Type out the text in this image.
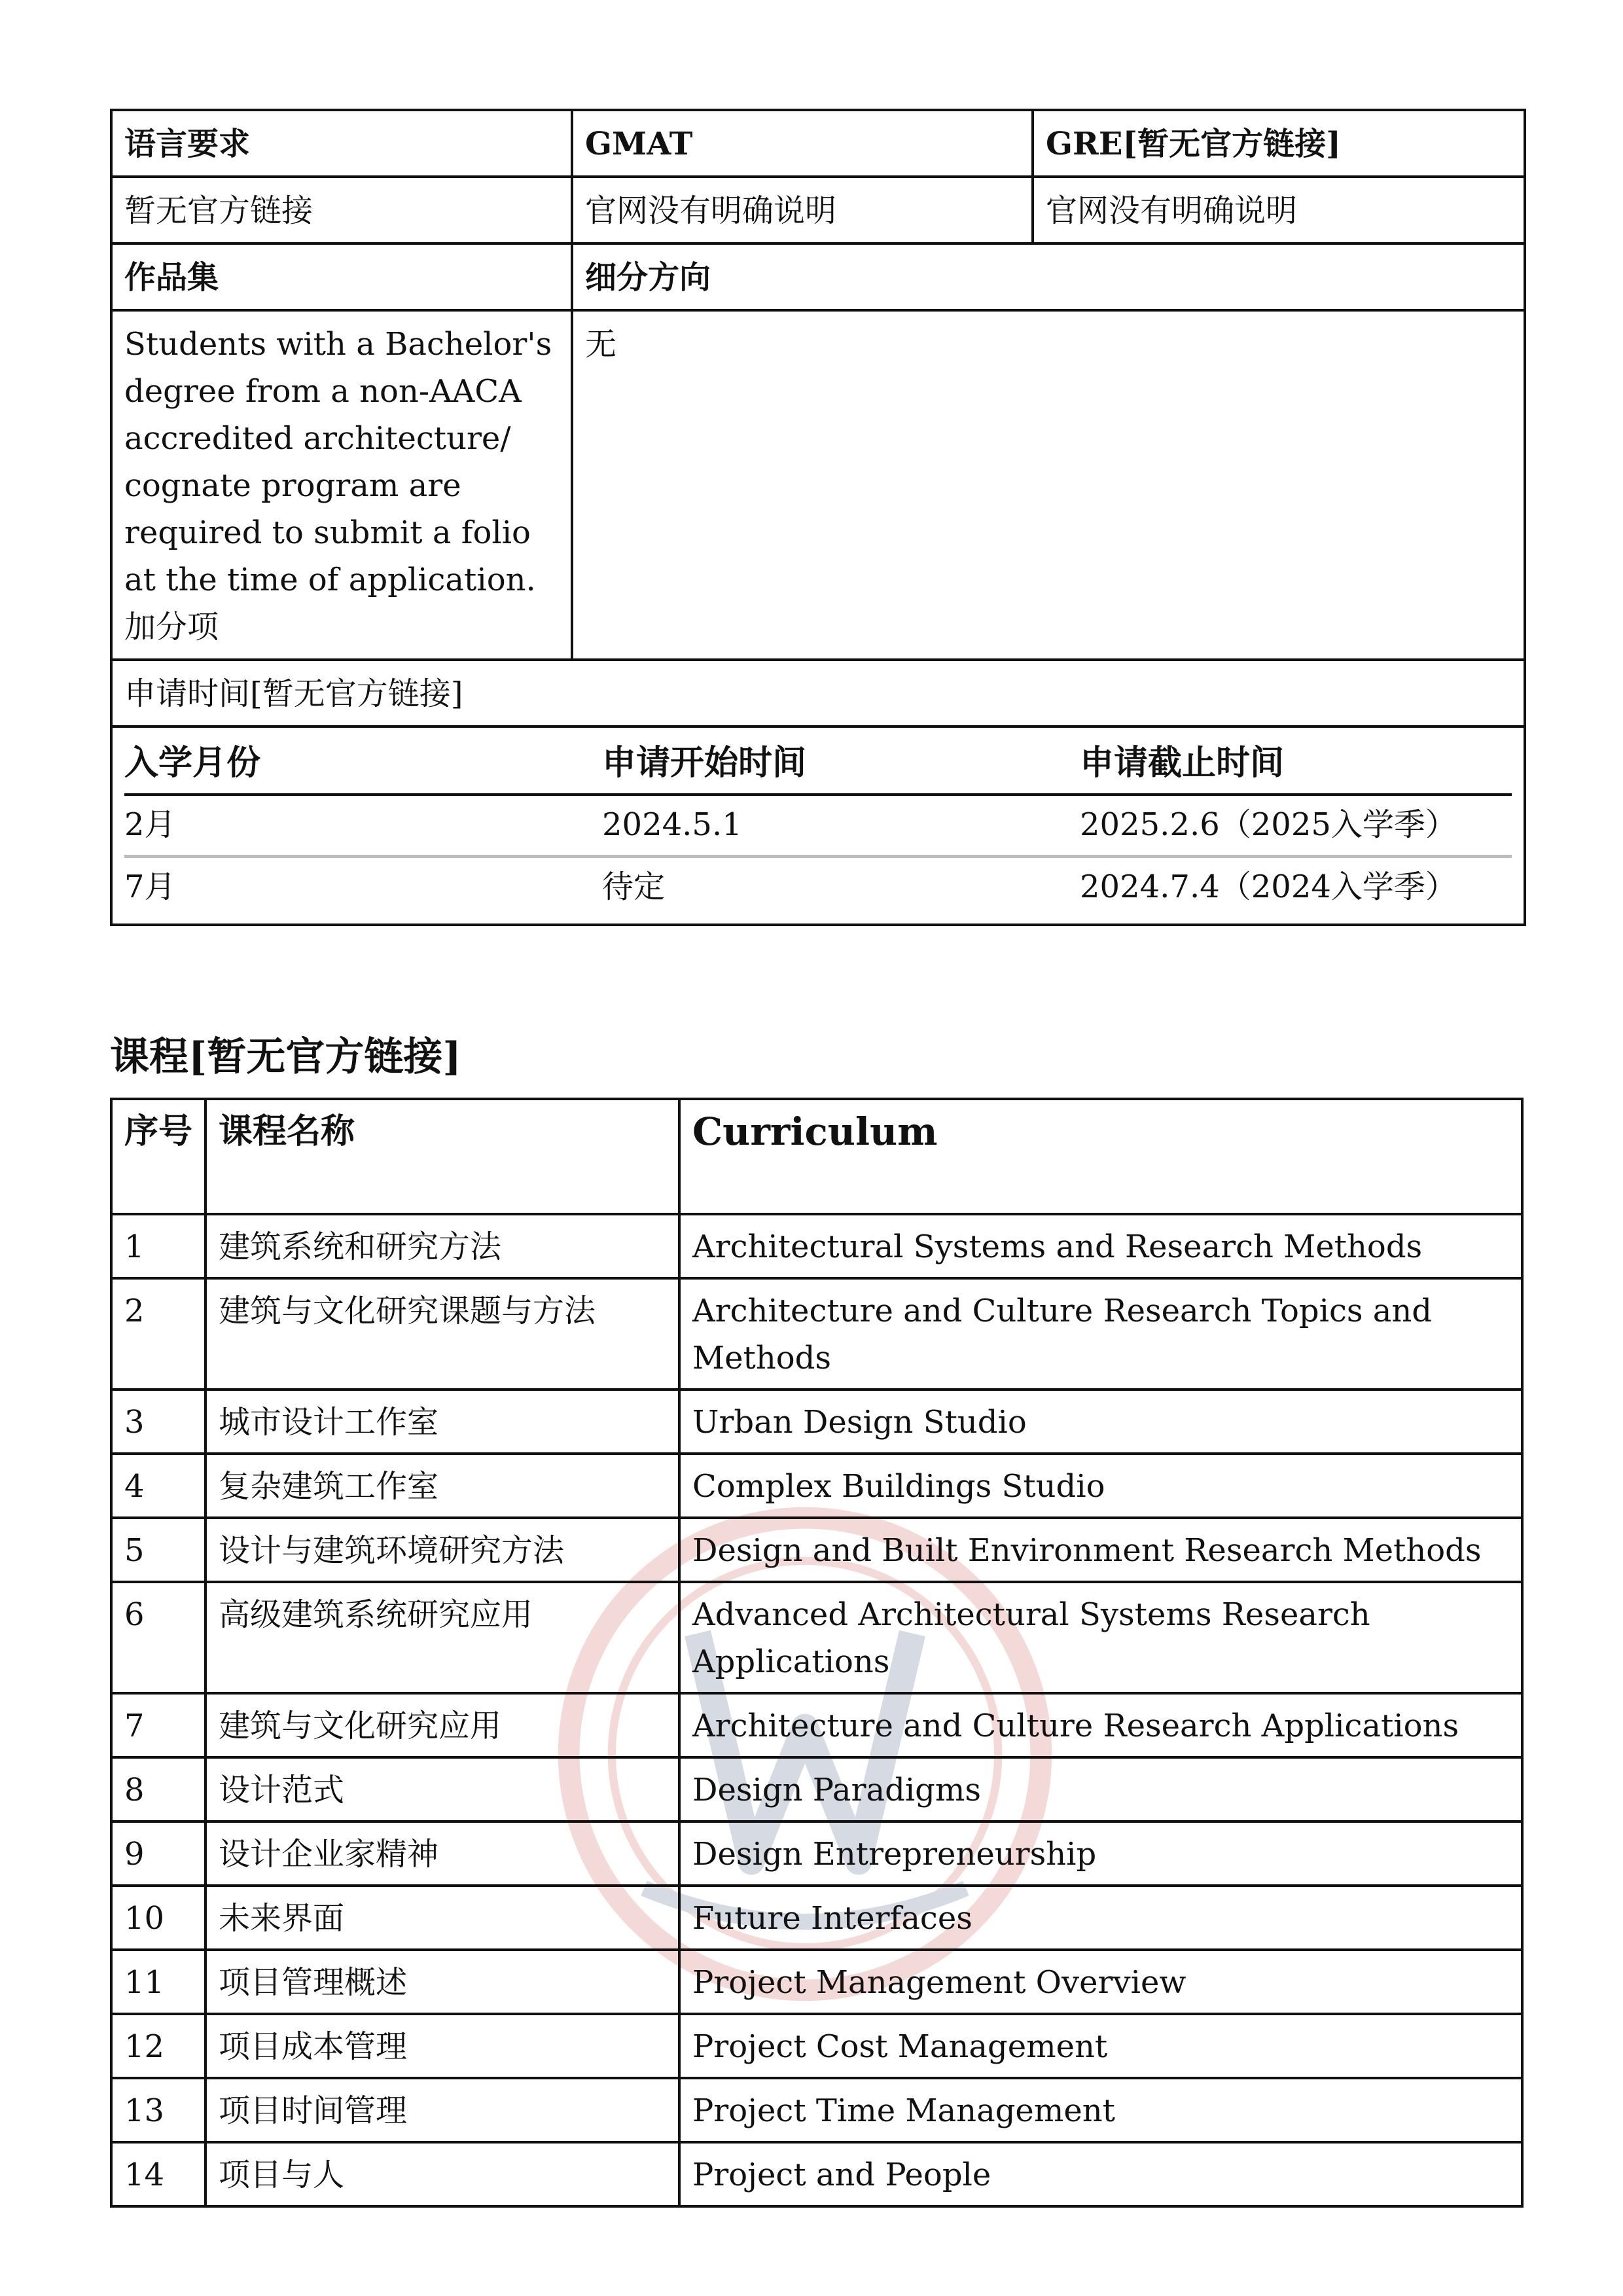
语言要求	GMAT	GRE[暂无官方链接]
暂无官方链接	官网没有明确说明	官网没有明确说明
作品集	细分方向

Students with a Bachelor's degree from a non-AACA accredited architecture/ cognate program are required to submit a folio at the time of application.
加分项
	无
申请时间[暂无官方链接]

入学月份	申请开始时间	申请截止时间
2月	2024.5.1	2025.2.6（2025入学季）
7月	待定	2024.7.4（2024入学季）
课程[暂无官方链接]
序号	课程名称	Curriculum
1	建筑系统和研究方法	Architectural Systems and Research Methods
2	建筑与文化研究课题与方法	Architecture and Culture Research Topics and Methods
3	城市设计工作室	Urban Design Studio
4	复杂建筑工作室	Complex Buildings Studio
5	设计与建筑环境研究方法	Design and Built Environment Research Methods
6	高级建筑系统研究应用	Advanced Architectural Systems Research Applications
7	建筑与文化研究应用	Architecture and Culture Research Applications
8	设计范式	Design Paradigms
9	设计企业家精神	Design Entrepreneurship
10	未来界面	Future Interfaces
11	项目管理概述	Project Management Overview
12	项目成本管理	Project Cost Management
13	项目时间管理	Project Time Management
14	项目与人	Project and People
